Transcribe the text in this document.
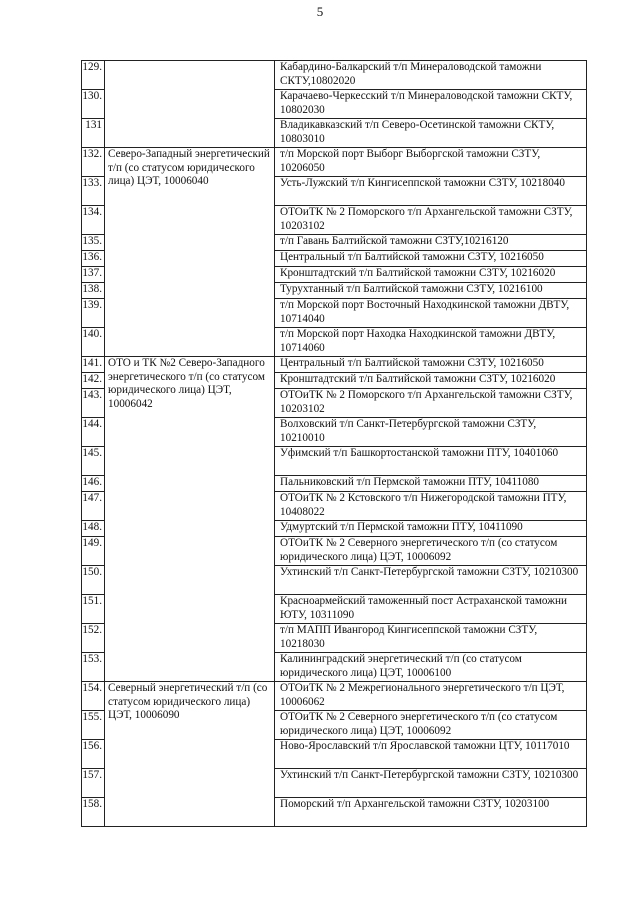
5
129.		Кабардино-Балкарский т/п Минераловодской таможни СКТУ,10802020
130.		Карачаево-Черкесский т/п Минераловодской таможни СКТУ, 10802030
131		Владикавказский т/п Северо-Осетинской таможни СКТУ, 10803010
132.	Северо-Западный энергетический т/п (со статусом юридического лица) ЦЭТ, 10006040	т/п Морской порт Выборг Выборгской таможни СЗТУ, 10206050
133.		Усть-Лужский т/п Кингисеппской таможни СЗТУ, 10218040
134.		ОТОиТК № 2 Поморского т/п Архангельской таможни СЗТУ, 10203102
135.		т/п Гавань Балтийской таможни СЗТУ,10216120
136.		Центральный т/п Балтийской таможни СЗТУ, 10216050
137.		Кронштадтский т/п Балтийской таможни СЗТУ, 10216020
138.		Турухтанный т/п Балтийской таможни СЗТУ, 10216100
139.		т/п Морской порт Восточный Находкинской таможни ДВТУ, 10714040
140.		т/п Морской порт Находка Находкинской таможни ДВТУ, 10714060
141.	ОТО и ТК №2 Северо-Западного энергетического т/п (со статусом юридического лица) ЦЭТ, 10006042	Центральный т/п Балтийской таможни СЗТУ, 10216050
142.		Кронштадтский т/п Балтийской таможни СЗТУ, 10216020
143.		ОТОиТК № 2 Поморского т/п Архангельской таможни СЗТУ, 10203102
144.		Волховский т/п Санкт-Петербургской таможни СЗТУ, 10210010
145.		Уфимский т/п Башкортостанской таможни ПТУ, 10401060
146.		Пальниковский т/п Пермской таможни ПТУ, 10411080
147.		ОТОиТК № 2 Кстовского т/п Нижегородской таможни ПТУ, 10408022
148.		Удмуртский т/п Пермской таможни ПТУ, 10411090
149.		ОТОиТК № 2 Северного энергетического т/п (со статусом юридического лица) ЦЭТ, 10006092
150.		Ухтинский т/п Санкт-Петербургской таможни СЗТУ, 10210300
151.		Красноармейский таможенный пост Астраханской таможни ЮТУ, 10311090
152.		т/п МАПП Ивангород Кингисеппской таможни СЗТУ, 10218030
153.		Калининградский энергетический т/п (со статусом юридического лица) ЦЭТ, 10006100
154.	Северный энергетический т/п (со статусом юридического лица) ЦЭТ, 10006090	ОТОиТК № 2 Межрегионального энергетического т/п ЦЭТ, 10006062
155.		ОТОиТК № 2 Северного энергетического т/п (со статусом юридического лица) ЦЭТ, 10006092
156.		Ново-Ярославский т/п Ярославской таможни ЦТУ, 10117010
157.		Ухтинский т/п Санкт-Петербургской таможни СЗТУ, 10210300
158.		Поморский т/п Архангельской таможни СЗТУ, 10203100
